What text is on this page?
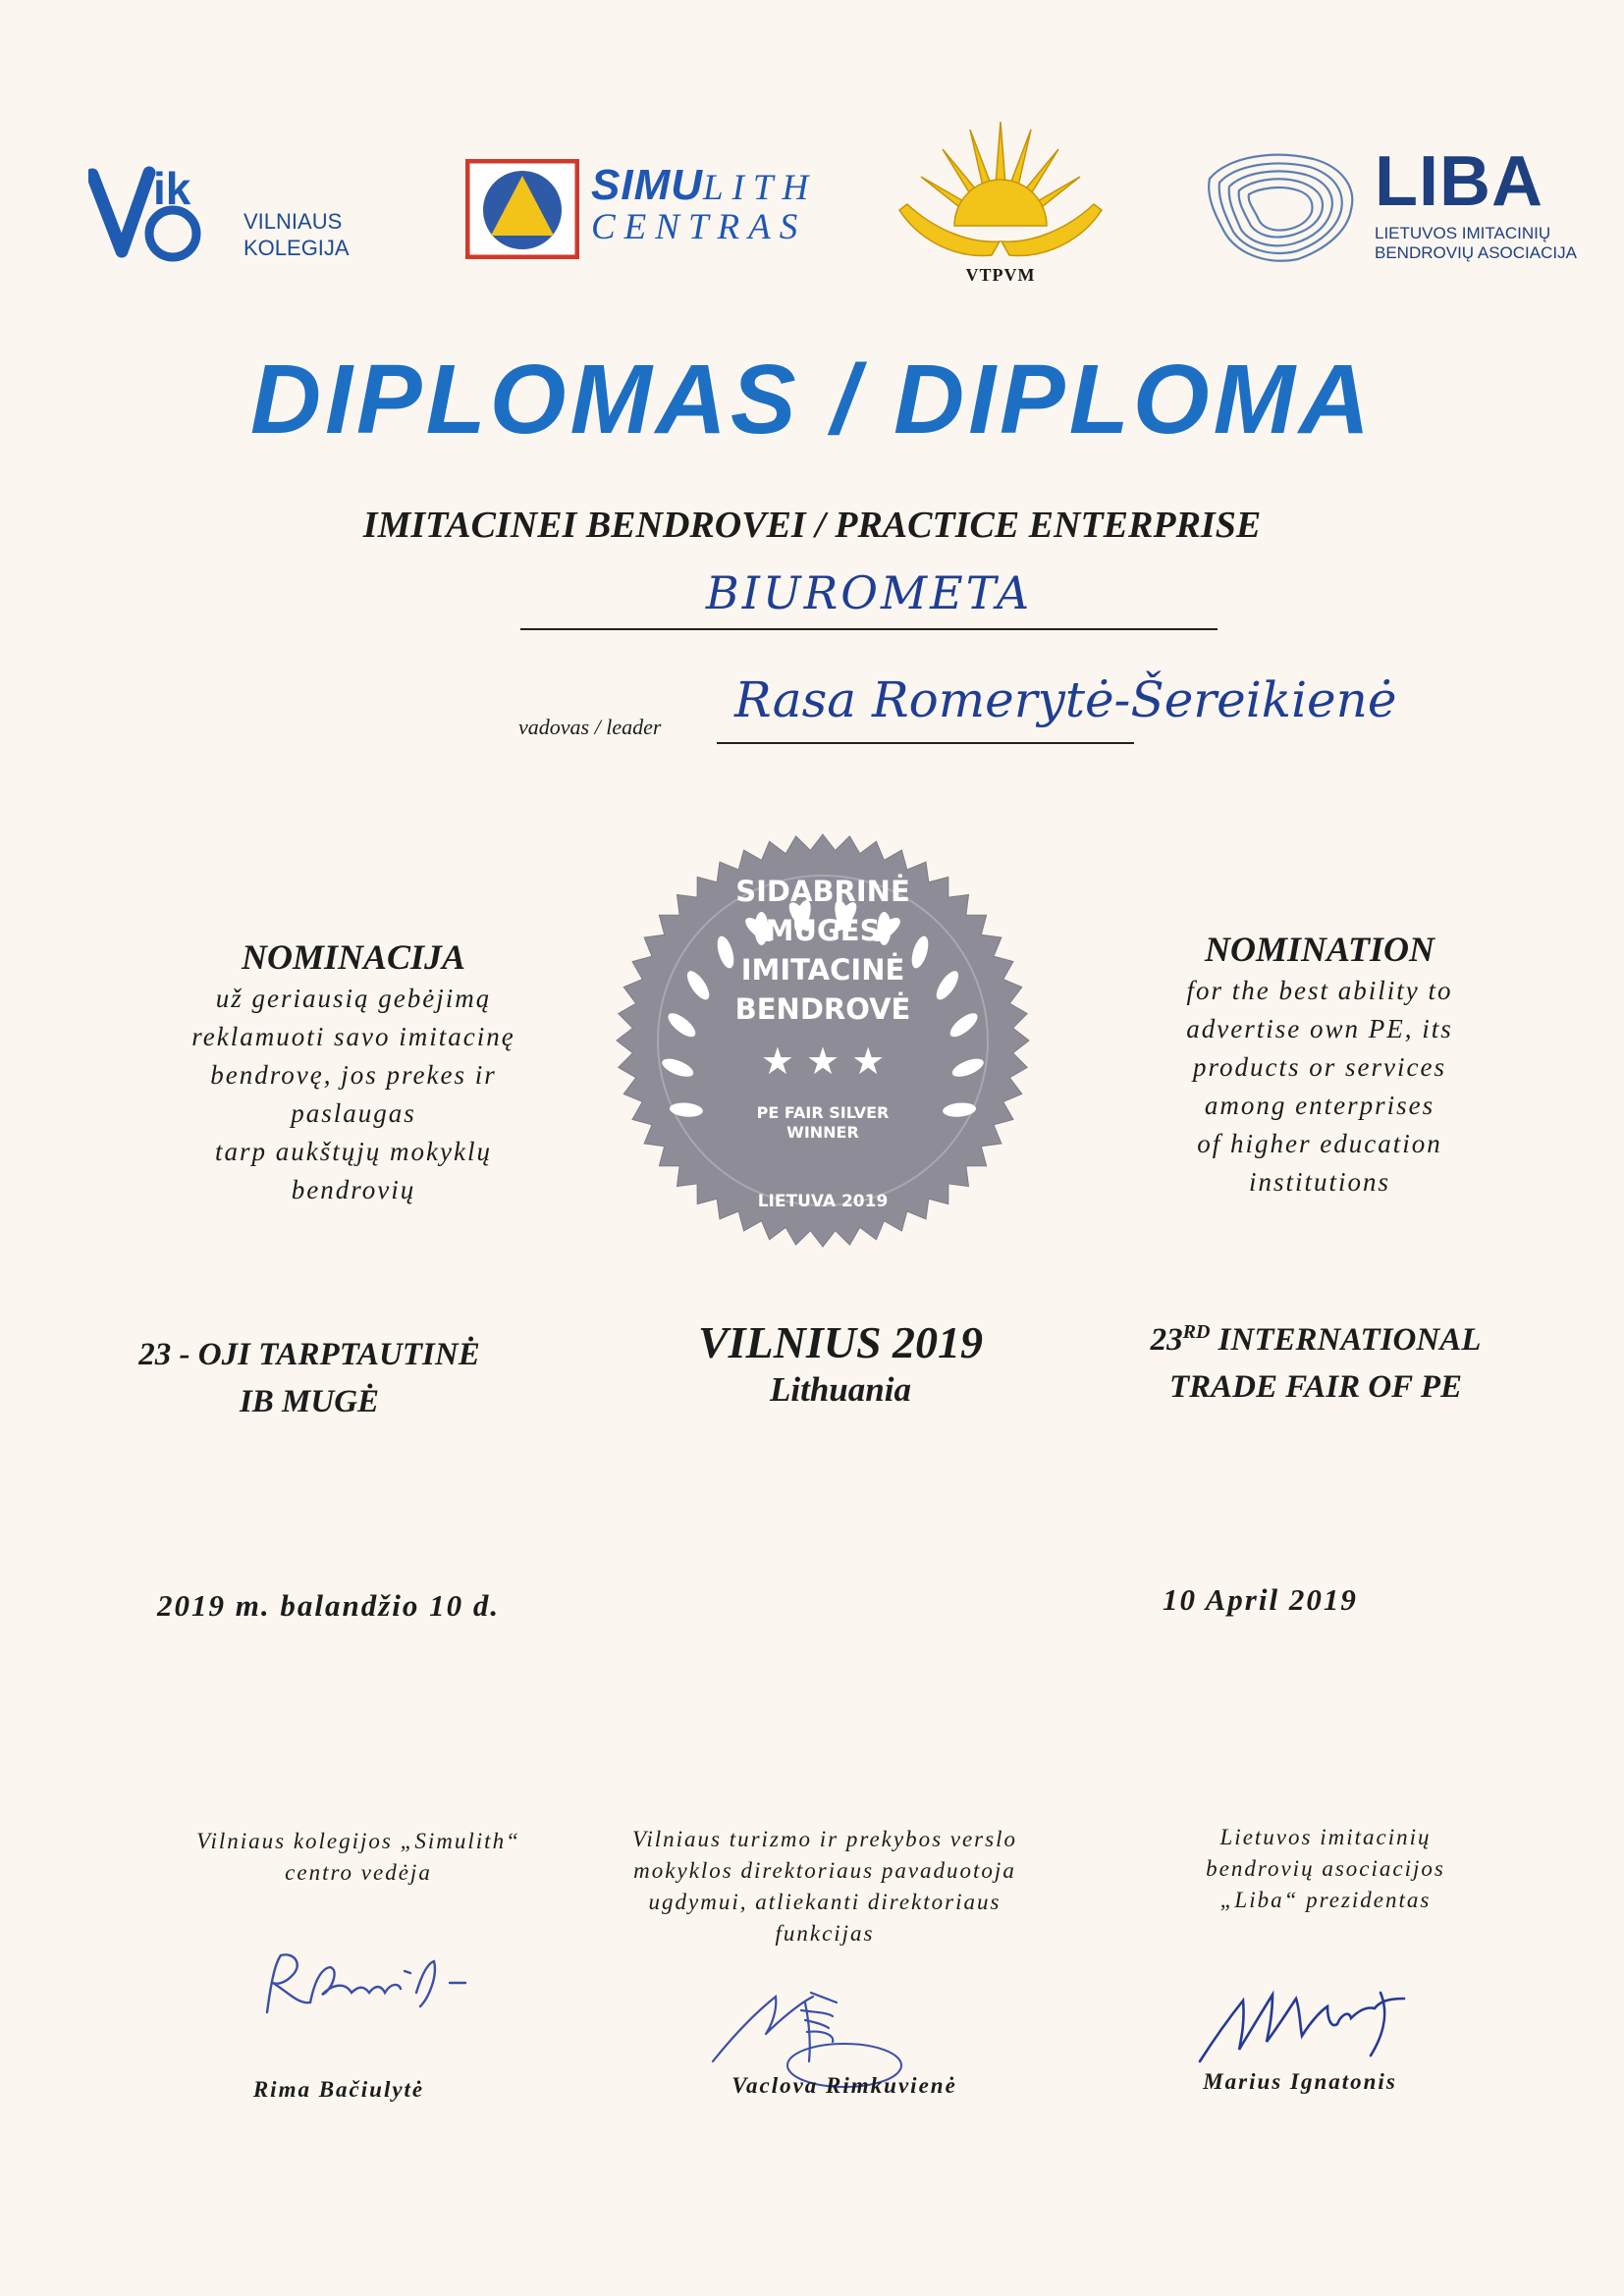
ik
VILNIAUS
KOLEGIJA
SIMULITH
CENTRAS
VTPVM
LIBA
LIETUVOS IMITACINIŲ
BENDROVIŲ ASOCIACIJA
DIPLOMAS / DIPLOMA
IMITACINEI BENDROVEI / PRACTICE ENTERPRISE
BIUROMETA
vadovas / leader Rasa Romerytė-Šereikienė
NOMINACIJA
už geriausią gebėjimą
reklamuoti savo imitacinę
bendrovę, jos prekes ir
paslaugas
tarp aukštųjų mokyklų
bendrovių
NOMINATION
for the best ability to
advertise own PE, its
products or services
among enterprises
of higher education
institutions
SIDABRINĖ
MUGĖS
IMITACINĖ
BENDROVĖ
★ ★ ★
PE FAIR SILVER
WINNER
LIETUVA 2019
23 - OJI TARPTAUTINĖ
IB MUGĖ
VILNIUS 2019
Lithuania
23RD INTERNATIONAL
TRADE FAIR OF PE
2019 m. balandžio 10 d.	10 April 2019
Vilniaus kolegijos „Simulith“
centro vedėja
Vilniaus turizmo ir prekybos verslo
mokyklos direktoriaus pavaduotoja
ugdymui, atliekanti direktoriaus
funkcijas
Lietuvos imitacinių
bendrovių asociacijos
„Liba“ prezidentas
Rima Bačiulytė	Vaclova Rimkuvienė	Marius Ignatonis
